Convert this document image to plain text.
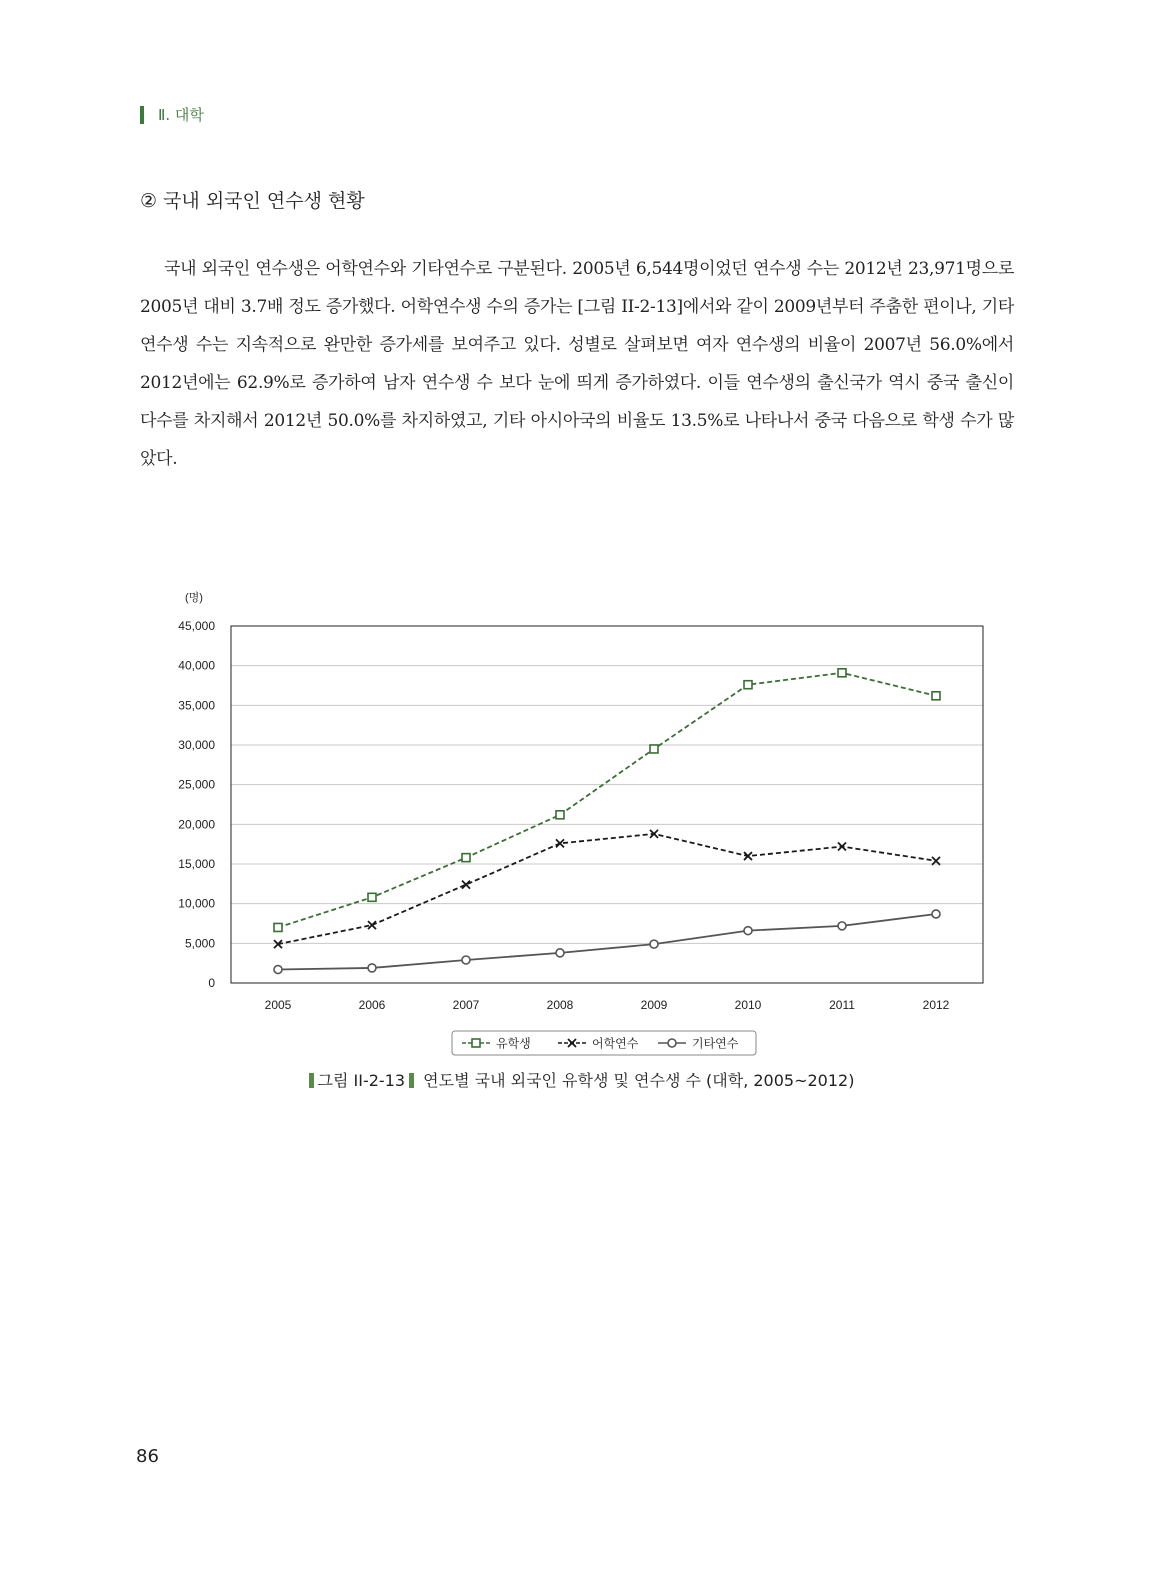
Ⅱ. 대학
② 국내 외국인 연수생 현황
국내 외국인 연수생은 어학연수와 기타연수로 구분된다. 2005년 6,544명이었던 연수생 수는 2012년 23,971명으로 2005년 대비 3.7배 정도 증가했다. 어학연수생 수의 증가는 [그림 II-2-13]에서와 같이 2009년부터 주춤한 편이나, 기타연수생 수는 지속적으로 완만한 증가세를 보여주고 있다. 성별로 살펴보면 여자 연수생의 비율이 2007년 56.0%에서 2012년에는 62.9%로 증가하여 남자 연수생 수 보다 눈에 띄게 증가하였다. 이들 연수생의 출신국가 역시 중국 출신이 다수를 차지해서 2012년 50.0%를 차지하였고, 기타 아시아국의 비율도 13.5%로 나타나서 중국 다음으로 학생 수가 많았다.
0
5,000
10,000
15,000
20,000
25,000
30,000
35,000
40,000
45,000
(명)
2005	2006	2007	2008	2009	2010	2011	2012
유학생	어학연수	기타연수
그림 II-2-13 연도별 국내 외국인 유학생 및 연수생 수 (대학, 2005~2012)
86
